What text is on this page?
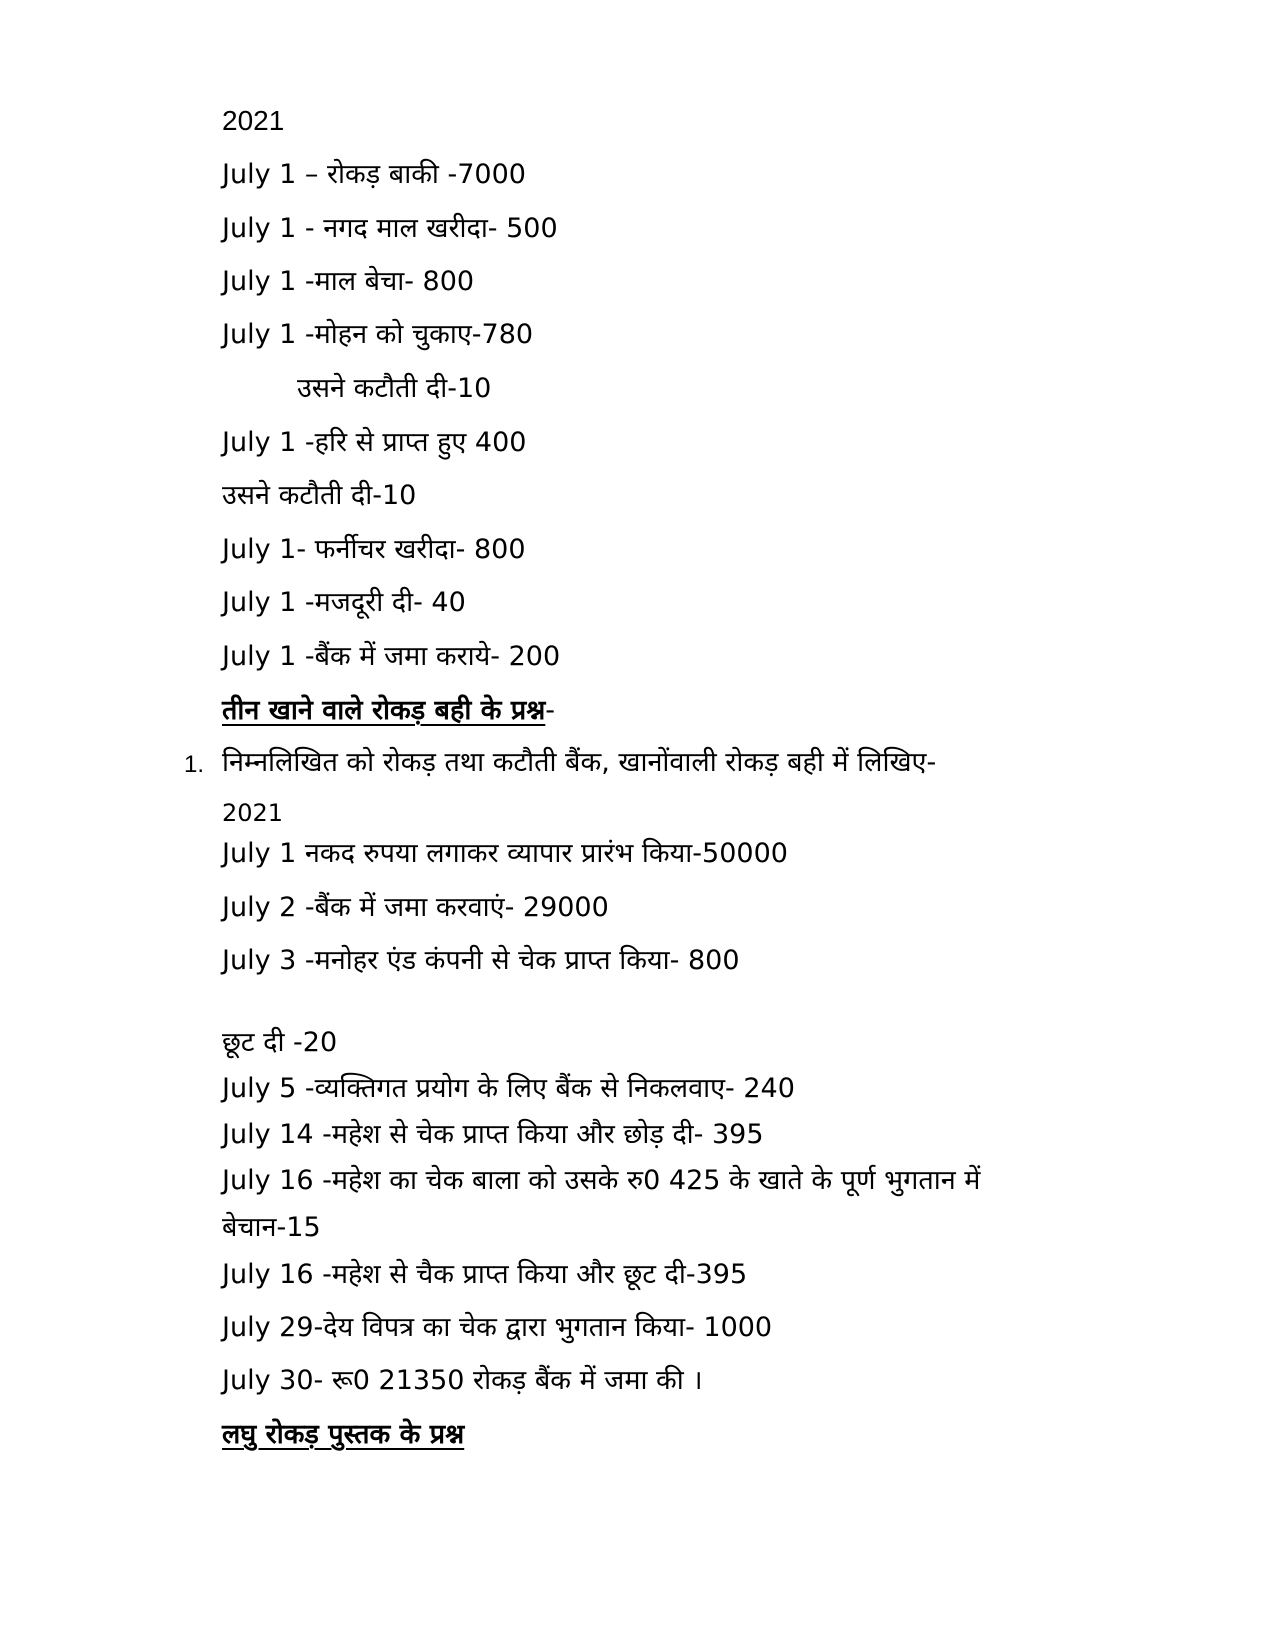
2021
July 1 – रोकड़ बाकी -7000
July 1 - नगद माल खरीदा- 500
July 1 -माल बेचा- 800
July 1 -मोहन को चुकाए-780
उसने कटौती दी-10
July 1 -हरि से प्राप्त हुए 400
उसने कटौती दी-10
July 1- फर्नीचर खरीदा- 800
July 1 -मजदूरी दी- 40
July 1 -बैंक में जमा कराये- 200
तीन खाने वाले रोकड़ बही के प्रश्न-
1. निम्नलिखित को रोकड़ तथा कटौती बैंक, खानोंवाली रोकड़ बही में लिखिए-
2021
July 1 नकद रुपया लगाकर व्यापार प्रारंभ किया-50000
July 2 -बैंक में जमा करवाएं- 29000
July 3 -मनोहर एंड कंपनी से चेक प्राप्त किया- 800
छूट दी -20
July 5 -व्यक्तिगत प्रयोग के लिए बैंक से निकलवाए- 240
July 14 -महेश से चेक प्राप्त किया और छोड़ दी- 395
July 16 -महेश का चेक बाला को उसके रु0 425 के खाते के पूर्ण भुगतान में
बेचान-15
July 16 -महेश से चैक प्राप्त किया और छूट दी-395
July 29-देय विपत्र का चेक द्वारा भुगतान किया- 1000
July 30- रू0 21350 रोकड़ बैंक में जमा की ।
लघु रोकड़ पुस्तक के प्रश्न
